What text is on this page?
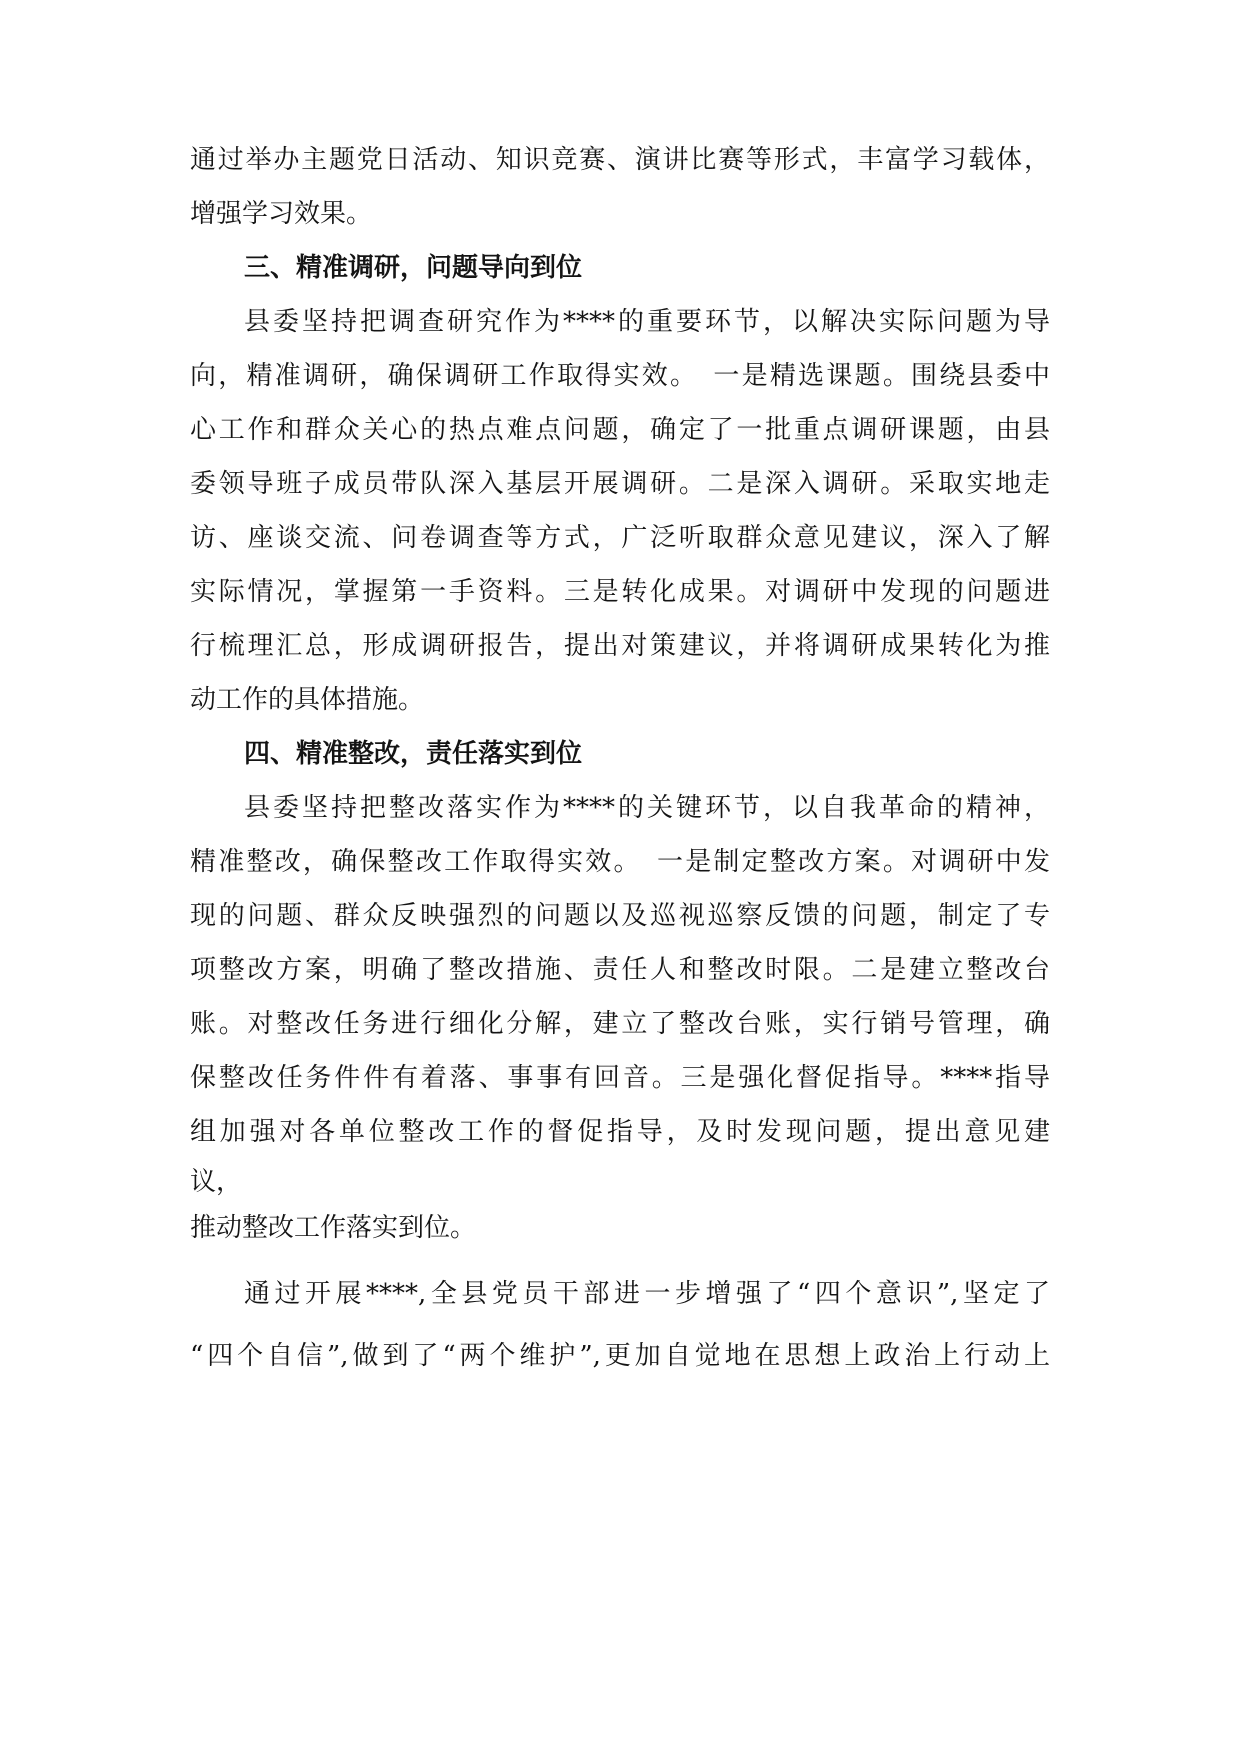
通过举办主题党日活动、知识竞赛、演讲比赛等形式，丰富学习载体，
增强学习效果。
三、精准调研，问题导向到位
县委坚持把调查研究作为****的重要环节，以解决实际问题为导
向，精准调研，确保调研工作取得实效。　一是精选课题。围绕县委中
心工作和群众关心的热点难点问题，确定了一批重点调研课题，由县
委领导班子成员带队深入基层开展调研。二是深入调研。采取实地走
访、座谈交流、问卷调查等方式，广泛听取群众意见建议，深入了解
实际情况，掌握第一手资料。三是转化成果。对调研中发现的问题进
行梳理汇总，形成调研报告，提出对策建议，并将调研成果转化为推
动工作的具体措施。
四、精准整改，责任落实到位
县委坚持把整改落实作为****的关键环节，以自我革命的精神，
精准整改，确保整改工作取得实效。　一是制定整改方案。对调研中发
现的问题、群众反映强烈的问题以及巡视巡察反馈的问题，制定了专
项整改方案，明确了整改措施、责任人和整改时限。二是建立整改台
账。对整改任务进行细化分解，建立了整改台账，实行销号管理，确
保整改任务件件有着落、事事有回音。三是强化督促指导。****指导
组加强对各单位整改工作的督促指导，及时发现问题，提出意见建
议，
推动整改工作落实到位。
通过开展****,全县党员干部进一步增强了“四个意识”,坚定了
“四个自信”,做到了“两个维护”,更加自觉地在思想上政治上行动上
